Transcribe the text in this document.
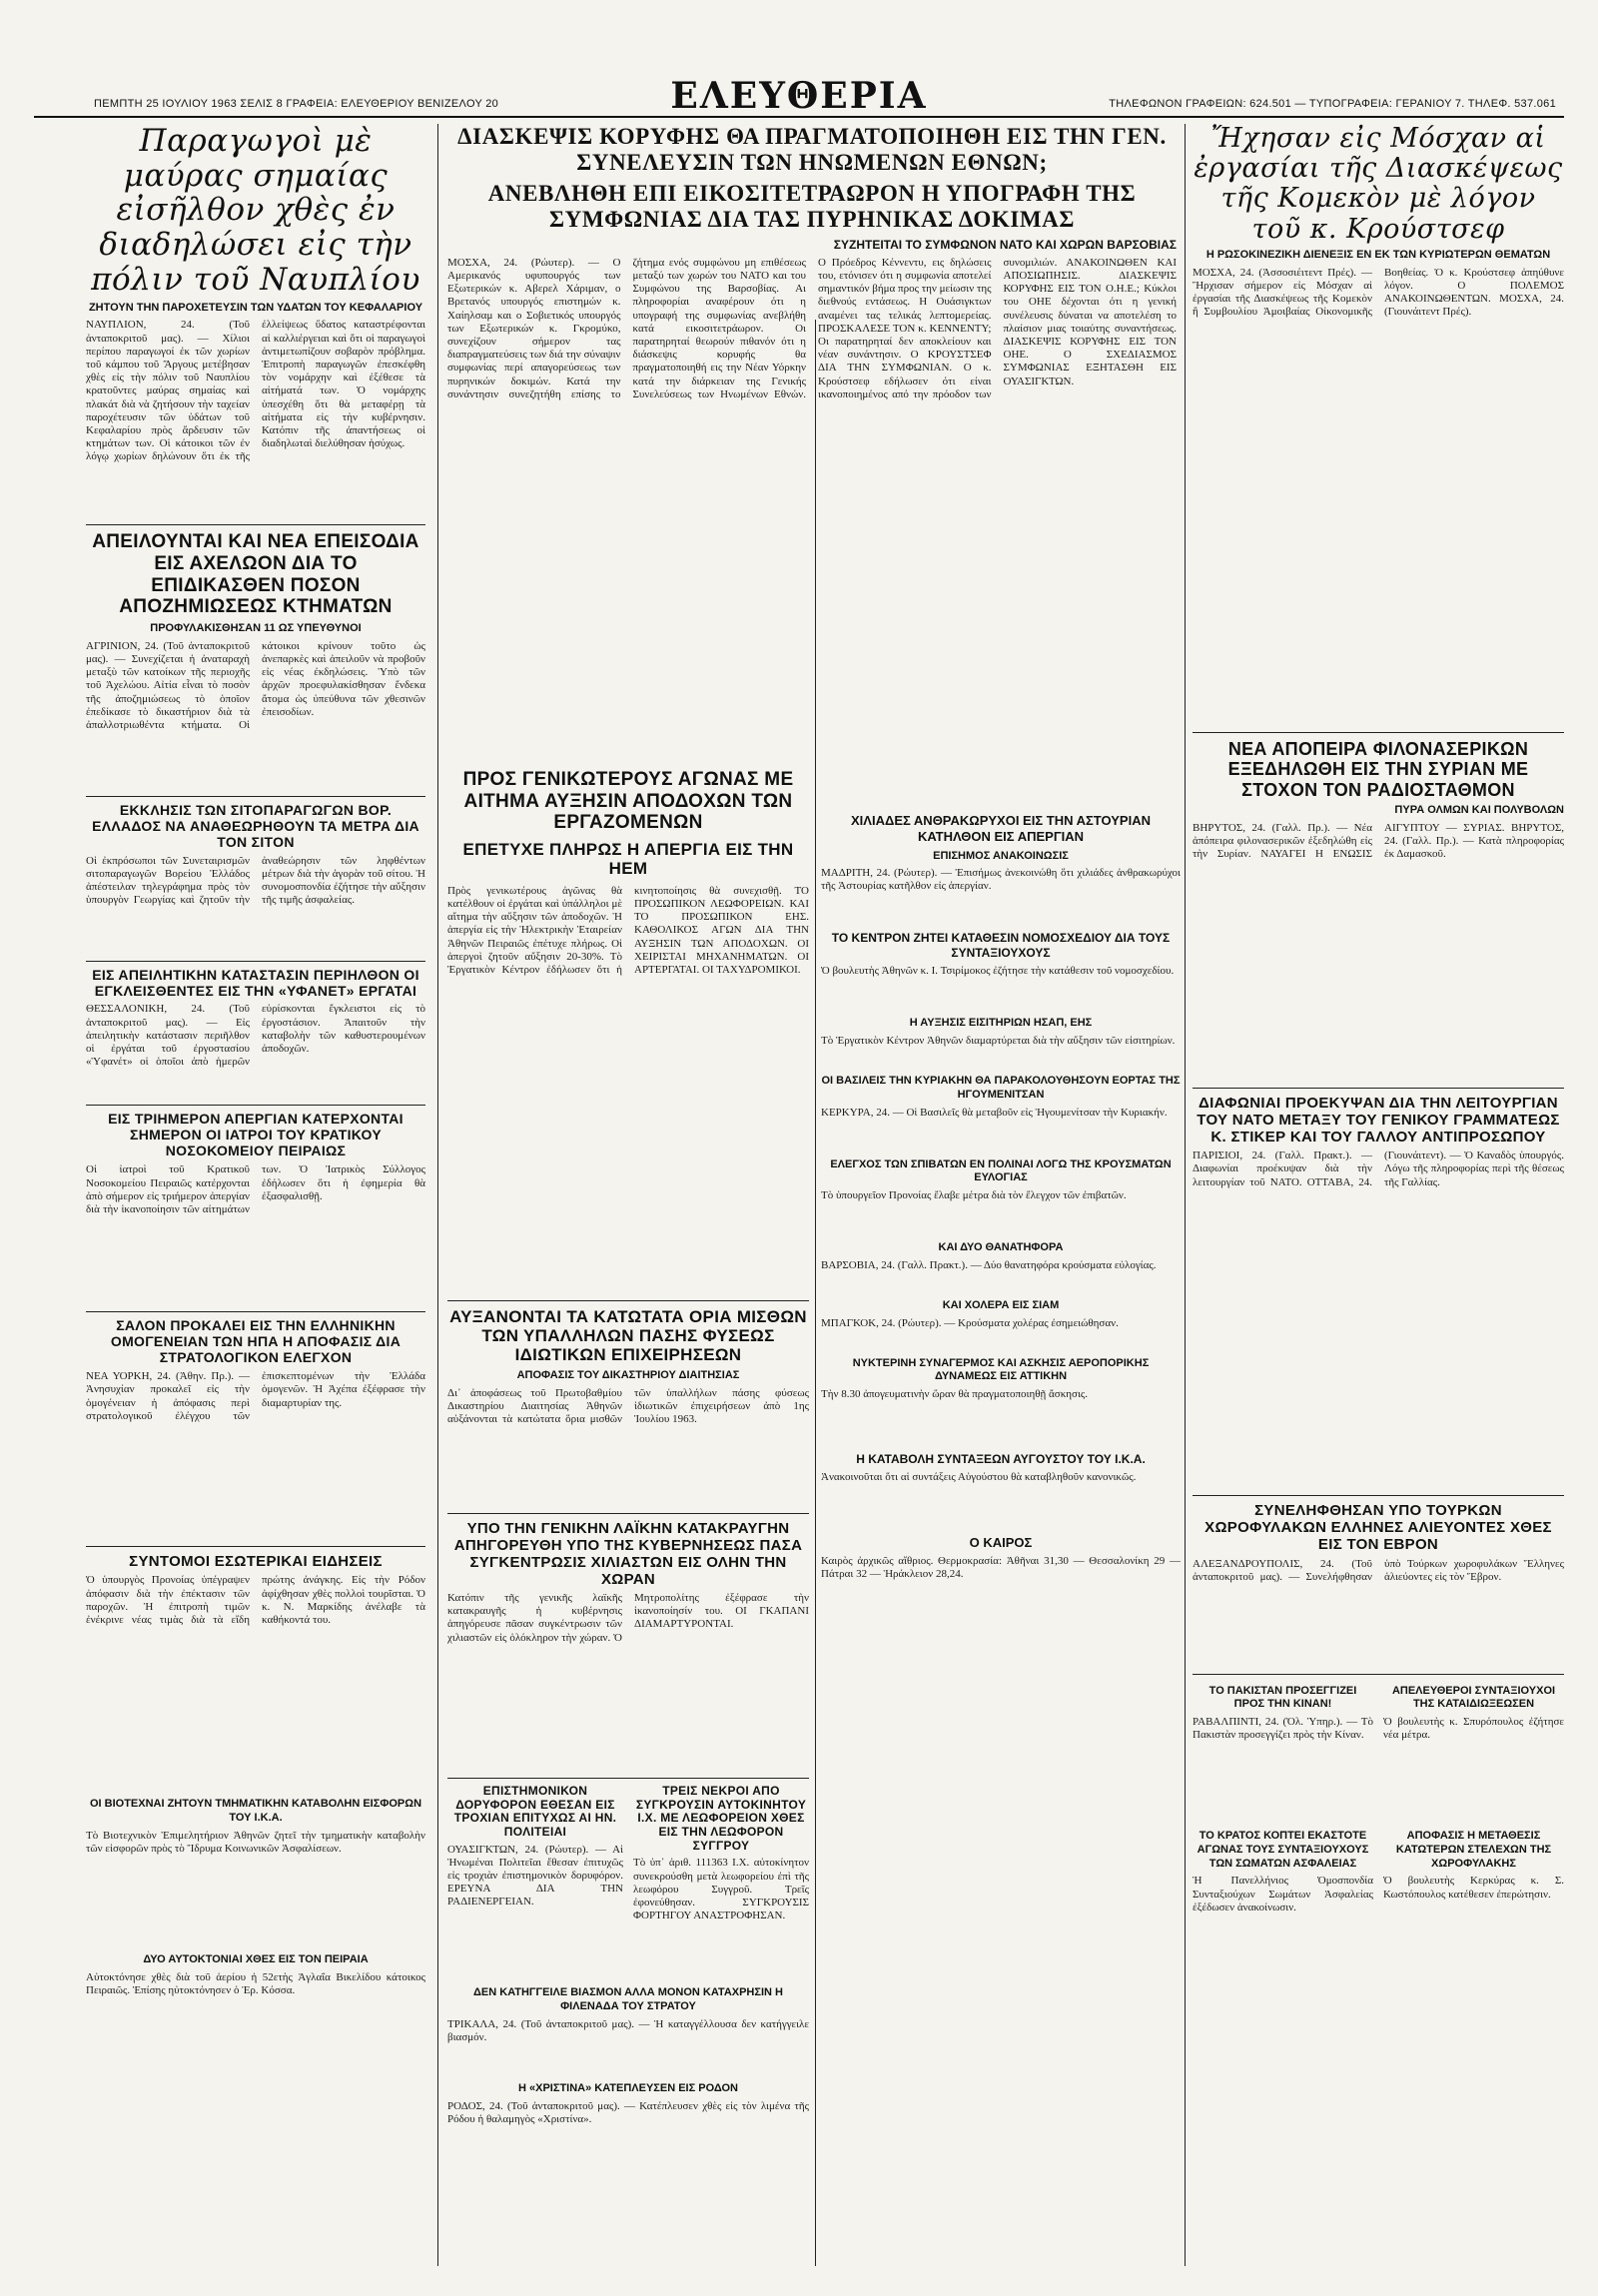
ΠΕΜΠΤΗ 25 ΙΟΥΛΙΟΥ 1963 ΣΕΛΙΣ 8 ΓΡΑΦΕΙΑ: ΕΛΕΥΘΕΡΙΟΥ ΒΕΝΙΖΕΛΟΥ 20	ΕΛΕΥΘΕΡΙΑ	ΤΗΛΕΦΩΝΟΝ ΓΡΑΦΕΙΩΝ: 624.501 — ΤΥΠΟΓΡΑΦΕΙΑ: ΓΕΡΑΝΙΟΥ 7. ΤΗΛΕΦ. 537.061
Παραγωγοὶ μὲ μαύρας σημαίας εἰσῆλθον χθὲς ἐν διαδηλώσει εἰς τὴν πόλιν τοῦ Ναυπλίου
ΖΗΤΟΥΝ ΤΗΝ ΠΑΡΟΧΕΤΕΥΣΙΝ ΤΩΝ ΥΔΑΤΩΝ ΤΟΥ ΚΕΦΑΛΑΡΙΟΥ
ΝΑΥΠΛΙΟΝ, 24. (Τοῦ ἀνταποκριτοῦ μας). — Χίλιοι περίπου παραγωγοί ἐκ τῶν χωρίων τοῦ κάμπου τοῦ Ἄργους μετέβησαν χθὲς εἰς τὴν πόλιν τοῦ Ναυπλίου κρατοῦντες μαύρας σημαίας καὶ πλακάτ διὰ νὰ ζητήσουν τὴν ταχείαν παροχέτευσιν τῶν ὑδάτων τοῦ Κεφαλαρίου πρὸς ἄρδευσιν τῶν κτημάτων των. Οἱ κάτοικοι τῶν ἐν λόγῳ χωρίων δηλώνουν ὅτι ἐκ τῆς ἐλλείψεως ὕδατος καταστρέφονται αἱ καλλιέργειαι καὶ ὅτι οἱ παραγωγοὶ ἀντιμετωπίζουν σοβαρὸν πρόβλημα. Ἐπιτροπὴ παραγωγῶν ἐπεσκέφθη τὸν νομάρχην καὶ ἐξέθεσε τὰ αἰτήματά των. Ὁ νομάρχης ὑπεσχέθη ὅτι θὰ μεταφέρῃ τὰ αἰτήματα εἰς τὴν κυβέρνησιν. Κατόπιν τῆς ἀπαντήσεως οἱ διαδηλωταὶ διελύθησαν ἡσύχως.
ΑΠΕΙΛΟΥΝΤΑΙ ΚΑΙ ΝΕΑ ΕΠΕΙΣΟΔΙΑ ΕΙΣ ΑΧΕΛΩΟΝ ΔΙΑ ΤΟ ΕΠΙΔΙΚΑΣΘΕΝ ΠΟΣΟΝ ΑΠΟΖΗΜΙΩΣΕΩΣ ΚΤΗΜΑΤΩΝ
ΠΡΟΦΥΛΑΚΙΣΘΗΣΑΝ 11 ΩΣ ΥΠΕΥΘΥΝΟΙ
ΑΓΡΙΝΙΟΝ, 24. (Τοῦ ἀνταποκριτοῦ μας). — Συνεχίζεται ἡ ἀναταραχὴ μεταξὺ τῶν κατοίκων τῆς περιοχῆς τοῦ Ἀχελώου. Αἰτία εἶναι τὸ ποσὸν τῆς ἀποζημιώσεως τὸ ὁποῖον ἐπεδίκασε τὸ δικαστήριον διὰ τὰ ἀπαλλοτριωθέντα κτήματα. Οἱ κάτοικοι κρίνουν τοῦτο ὡς ἀνεπαρκὲς καὶ ἀπειλοῦν νὰ προβοῦν εἰς νέας ἐκδηλώσεις. Ὑπὸ τῶν ἀρχῶν προεφυλακίσθησαν ἕνδεκα ἄτομα ὡς ὑπεύθυνα τῶν χθεσινῶν ἐπεισοδίων.
ΕΚΚΛΗΣΙΣ ΤΩΝ ΣΙΤΟΠΑΡΑΓΩΓΩΝ ΒΟΡ. ΕΛΛΑΔΟΣ ΝΑ ΑΝΑΘΕΩΡΗΘΟΥΝ ΤΑ ΜΕΤΡΑ ΔΙΑ ΤΟΝ ΣΙΤΟΝ
Οἱ ἐκπρόσωποι τῶν Συνεταιρισμῶν σιτοπαραγωγῶν Βορείου Ἑλλάδος ἀπέστειλαν τηλεγράφημα πρὸς τὸν ὑπουργὸν Γεωργίας καὶ ζητοῦν τὴν ἀναθεώρησιν τῶν ληφθέντων μέτρων διὰ τὴν ἀγορὰν τοῦ σίτου. Ἡ συνομοσπονδία ἐζήτησε τὴν αὔξησιν τῆς τιμῆς ἀσφαλείας.
ΕΙΣ ΑΠΕΙΛΗΤΙΚΗΝ ΚΑΤΑΣΤΑΣΙΝ ΠΕΡΙΗΛΘΟΝ ΟΙ ΕΓΚΛΕΙΣΘΕΝΤΕΣ ΕΙΣ ΤΗΝ «ΥΦΑΝΕΤ» ΕΡΓΑΤΑΙ
ΘΕΣΣΑΛΟΝΙΚΗ, 24. (Τοῦ ἀνταποκριτοῦ μας). — Εἰς ἀπειλητικὴν κατάστασιν περιῆλθον οἱ ἐργάται τοῦ ἐργοστασίου «Ὑφανέτ» οἱ ὁποῖοι ἀπὸ ἡμερῶν εὑρίσκονται ἔγκλειστοι εἰς τὸ ἐργοστάσιον. Ἀπαιτοῦν τὴν καταβολὴν τῶν καθυστερουμένων ἀποδοχῶν.
ΕΙΣ ΤΡΙΗΜΕΡΟΝ ΑΠΕΡΓΙΑΝ ΚΑΤΕΡΧΟΝΤΑΙ ΣΗΜΕΡΟΝ ΟΙ ΙΑΤΡΟΙ ΤΟΥ ΚΡΑΤΙΚΟΥ ΝΟΣΟΚΟΜΕΙΟΥ ΠΕΙΡΑΙΩΣ
Οἱ ἰατροὶ τοῦ Κρατικοῦ Νοσοκομείου Πειραιῶς κατέρχονται ἀπὸ σήμερον εἰς τριήμερον ἀπεργίαν διὰ τὴν ἱκανοποίησιν τῶν αἰτημάτων των. Ὁ Ἰατρικὸς Σύλλογος ἐδήλωσεν ὅτι ἡ ἐφημερία θὰ ἐξασφαλισθῇ.
ΣΑΛΟΝ ΠΡΟΚΑΛΕΙ ΕΙΣ ΤΗΝ ΕΛΛΗΝΙΚΗΝ ΟΜΟΓΕΝΕΙΑΝ ΤΩΝ ΗΠΑ Η ΑΠΟΦΑΣΙΣ ΔΙΑ ΣΤΡΑΤΟΛΟΓΙΚΟΝ ΕΛΕΓΧΟΝ
ΝΕΑ ΥΟΡΚΗ, 24. (Ἀθην. Πρ.). — Ἀνησυχίαν προκαλεῖ εἰς τὴν ὁμογένειαν ἡ ἀπόφασις περὶ στρατολογικοῦ ἐλέγχου τῶν ἐπισκεπτομένων τὴν Ἑλλάδα ὁμογενῶν. Ἡ Ἀχέπα ἐξέφρασε τὴν διαμαρτυρίαν της.
ΣΥΝΤΟΜΟΙ ΕΣΩΤΕΡΙΚΑΙ ΕΙΔΗΣΕΙΣ
Ὁ ὑπουργὸς Προνοίας ὑπέγραψεν ἀπόφασιν διὰ τὴν ἐπέκτασιν τῶν παροχῶν. Ἡ ἐπιτροπὴ τιμῶν ἐνέκρινε νέας τιμὰς διὰ τὰ εἴδη πρώτης ἀνάγκης. Εἰς τὴν Ρόδον ἀφίχθησαν χθὲς πολλοὶ τουρῖσται. Ὁ κ. Ν. Μαρκίδης ἀνέλαβε τὰ καθήκοντά του.
ΟΙ ΒΙΟΤΕΧΝΑΙ ΖΗΤΟΥΝ ΤΜΗΜΑΤΙΚΗΝ ΚΑΤΑΒΟΛΗΝ ΕΙΣΦΟΡΩΝ ΤΟΥ Ι.Κ.Α.
Τὸ Βιοτεχνικὸν Ἐπιμελητήριον Ἀθηνῶν ζητεῖ τὴν τμηματικὴν καταβολὴν τῶν εἰσφορῶν πρὸς τὸ Ἵδρυμα Κοινωνικῶν Ἀσφαλίσεων.
ΔΥΟ ΑΥΤΟΚΤΟΝΙΑΙ ΧΘΕΣ ΕΙΣ ΤΟΝ ΠΕΙΡΑΙΑ
Αὐτοκτόνησε χθὲς διὰ τοῦ ἀερίου ἡ 52ετὴς Ἀγλαΐα Βικελίδου κάτοικος Πειραιῶς. Ἐπίσης ηὐτοκτόνησεν ὁ Ἐρ. Κόσσα.
ΔΙΑΣΚΕΨΙΣ ΚΟΡΥΦΗΣ ΘΑ ΠΡΑΓΜΑΤΟΠΟΙΗΘΗ ΕΙΣ ΤΗΝ ΓΕΝ. ΣΥΝΕΛΕΥΣΙΝ ΤΩΝ ΗΝΩΜΕΝΩΝ ΕΘΝΩΝ;
ΑΝΕΒΛΗΘΗ ΕΠΙ ΕΙΚΟΣΙΤΕΤΡΑΩΡΟΝ Η ΥΠΟΓΡΑΦΗ ΤΗΣ ΣΥΜΦΩΝΙΑΣ ΔΙΑ ΤΑΣ ΠΥΡΗΝΙΚΑΣ ΔΟΚΙΜΑΣ
ΣΥΖΗΤΕΙΤΑΙ ΤΟ ΣΥΜΦΩΝΟΝ ΝΑΤΟ ΚΑΙ ΧΩΡΩΝ ΒΑΡΣΟΒΙΑΣ
ΜΟΣΧΑ, 24. (Ρώυτερ). — Ο Αμερικανός υφυπουργός των Εξωτερικών κ. Αβερελ Χάριμαν, ο Βρετανός υπουργός επιστημών κ. Χαίηλσαμ και ο Σοβιετικός υπουργός των Εξωτερικών κ. Γκρομύκο, συνεχίζουν σήμερον τας διαπραγματεύσεις των διά την σύναψιν συμφωνίας περί απαγορεύσεως των πυρηνικών δοκιμών. Κατά την συνάντησιν συνεζητήθη επίσης το ζήτημα ενός συμφώνου μη επιθέσεως μεταξύ των χωρών του ΝΑΤΟ και του Συμφώνου της Βαρσοβίας. Αι πληροφορίαι αναφέρουν ότι η υπογραφή της συμφωνίας ανεβλήθη κατά εικοσιτετράωρον. Οι παρατηρηταί θεωρούν πιθανόν ότι η διάσκεψις κορυφής θα πραγματοποιηθή εις την Νέαν Υόρκην κατά την διάρκειαν της Γενικής Συνελεύσεως των Ηνωμένων Εθνών. Ο Πρόεδρος Κέννεντυ, εις δηλώσεις του, ετόνισεν ότι η συμφωνία αποτελεί σημαντικόν βήμα προς την μείωσιν της διεθνούς εντάσεως. Η Ουάσιγκτων αναμένει τας τελικάς λεπτομερείας. ΠΡΟΣΚΑΛΕΣΕ ΤΟΝ κ. ΚΕΝΝΕΝΤΥ; Οι παρατηρηταί δεν αποκλείουν και νέαν συνάντησιν. Ο ΚΡΟΥΣΤΣΕΦ ΔΙΑ ΤΗΝ ΣΥΜΦΩΝΙΑΝ. Ο κ. Κρούστσεφ εδήλωσεν ότι είναι ικανοποιημένος από την πρόοδον των συνομιλιών. ΑΝΑΚΟΙΝΩΘΕΝ ΚΑΙ ΑΠΟΣΙΩΠΗΣΙΣ. ΔΙΑΣΚΕΨΙΣ ΚΟΡΥΦΗΣ ΕΙΣ ΤΟΝ Ο.Η.Ε.; Κύκλοι του ΟΗΕ δέχονται ότι η γενική συνέλευσις δύναται να αποτελέση το πλαίσιον μιας τοιαύτης συναντήσεως. ΔΙΑΣΚΕΨΙΣ ΚΟΡΥΦΗΣ ΕΙΣ ΤΟΝ ΟΗΕ. Ο ΣΧΕΔΙΑΣΜΟΣ ΣΥΜΦΩΝΙΑΣ ΕΞΗΤΑΣΘΗ ΕΙΣ ΟΥΑΣΙΓΚΤΩΝ.
ΠΡΟΣ ΓΕΝΙΚΩΤΕΡΟΥΣ ΑΓΩΝΑΣ ΜΕ ΑΙΤΗΜΑ ΑΥΞΗΣΙΝ ΑΠΟΔΟΧΩΝ ΤΩΝ ΕΡΓΑΖΟΜΕΝΩΝ
ΕΠΕΤΥΧΕ ΠΛΗΡΩΣ Η ΑΠΕΡΓΙΑ ΕΙΣ ΤΗΝ ΗΕΜ
Πρὸς γενικωτέρους ἀγῶνας θὰ κατέλθουν οἱ ἐργάται καὶ ὑπάλληλοι μὲ αἴτημα τὴν αὔξησιν τῶν ἀποδοχῶν. Ἡ ἀπεργία εἰς τὴν Ἡλεκτρικὴν Ἑταιρείαν Ἀθηνῶν Πειραιῶς ἐπέτυχε πλήρως. Οἱ ἀπεργοὶ ζητοῦν αὔξησιν 20-30%. Τὸ Ἐργατικὸν Κέντρον ἐδήλωσεν ὅτι ἡ κινητοποίησις θὰ συνεχισθῇ. ΤΟ ΠΡΟΣΩΠΙΚΟΝ ΛΕΩΦΟΡΕΙΩΝ. ΚΑΙ ΤΟ ΠΡΟΣΩΠΙΚΟΝ ΕΗΣ. ΚΑΘΟΛΙΚΟΣ ΑΓΩΝ ΔΙΑ ΤΗΝ ΑΥΞΗΣΙΝ ΤΩΝ ΑΠΟΔΟΧΩΝ. ΟΙ ΧΕΙΡΙΣΤΑΙ ΜΗΧΑΝΗΜΑΤΩΝ. ΟΙ ΑΡΤΕΡΓΑΤΑΙ. ΟΙ ΤΑΧΥΔΡΟΜΙΚΟΙ.
ΑΥΞΑΝΟΝΤΑΙ ΤΑ ΚΑΤΩΤΑΤΑ ΟΡΙΑ ΜΙΣΘΩΝ ΤΩΝ ΥΠΑΛΛΗΛΩΝ ΠΑΣΗΣ ΦΥΣΕΩΣ ΙΔΙΩΤΙΚΩΝ ΕΠΙΧΕΙΡΗΣΕΩΝ
ΑΠΟΦΑΣΙΣ ΤΟΥ ΔΙΚΑΣΤΗΡΙΟΥ ΔΙΑΙΤΗΣΙΑΣ
Δι᾿ ἀποφάσεως τοῦ Πρωτοβαθμίου Δικαστηρίου Διαιτησίας Ἀθηνῶν αὐξάνονται τὰ κατώτατα ὅρια μισθῶν τῶν ὑπαλλήλων πάσης φύσεως ἰδιωτικῶν ἐπιχειρήσεων ἀπὸ 1ης Ἰουλίου 1963.
ΥΠΟ ΤΗΝ ΓΕΝΙΚΗΝ ΛΑΪΚΗΝ ΚΑΤΑΚΡΑΥΓΗΝ ΑΠΗΓΟΡΕΥΘΗ ΥΠΟ ΤΗΣ ΚΥΒΕΡΝΗΣΕΩΣ ΠΑΣΑ ΣΥΓΚΕΝΤΡΩΣΙΣ ΧΙΛΙΑΣΤΩΝ ΕΙΣ ΟΛΗΝ ΤΗΝ ΧΩΡΑΝ
Κατόπιν τῆς γενικῆς λαϊκῆς κατακραυγῆς ἡ κυβέρνησις ἀπηγόρευσε πᾶσαν συγκέντρωσιν τῶν χιλιαστῶν εἰς ὁλόκληρον τὴν χώραν. Ὁ Μητροπολίτης ἐξέφρασε τὴν ἱκανοποίησίν του. ΟΙ ΓΚΑΠΑΝΙ ΔΙΑΜΑΡΤΥΡΟΝΤΑΙ.
ΕΠΙΣΤΗΜΟΝΙΚΟΝ ΔΟΡΥΦΟΡΟΝ ΕΘΕΣΑΝ ΕΙΣ ΤΡΟΧΙΑΝ ΕΠΙΤΥΧΩΣ ΑΙ ΗΝ. ΠΟΛΙΤΕΙΑΙ
ΟΥΑΣΙΓΚΤΩΝ, 24. (Ρώυτερ). — Αἱ Ἡνωμέναι Πολιτεῖαι ἔθεσαν ἐπιτυχῶς εἰς τροχιὰν ἐπιστημονικὸν δορυφόρον. ΕΡΕΥΝΑ ΔΙΑ ΤΗΝ ΡΑΔΙΕΝΕΡΓΕΙΑΝ.
ΤΡΕΙΣ ΝΕΚΡΟΙ ΑΠΟ ΣΥΓΚΡΟΥΣΙΝ ΑΥΤΟΚΙΝΗΤΟΥ Ι.Χ. ΜΕ ΛΕΩΦΟΡΕΙΟΝ ΧΘΕΣ ΕΙΣ ΤΗΝ ΛΕΩΦΟΡΟΝ ΣΥΓΓΡΟΥ
Τὸ ὑπ᾿ ἀριθ. 111363 Ι.Χ. αὐτοκίνητον συνεκρούσθη μετὰ λεωφορείου ἐπὶ τῆς λεωφόρου Συγγροῦ. Τρεῖς ἐφονεύθησαν. ΣΥΓΚΡΟΥΣΙΣ ΦΟΡΤΗΓΟΥ ΑΝΑΣΤΡΟΦΗΣΑΝ.
ΔΕΝ ΚΑΤΗΓΓΕΙΛΕ ΒΙΑΣΜΟΝ ΑΛΛΑ ΜΟΝΟΝ ΚΑΤΑΧΡΗΣΙΝ Η ΦΙΛΕΝΑΔΑ ΤΟΥ ΣΤΡΑΤΟΥ
ΤΡΙΚΑΛΑ, 24. (Τοῦ ἀνταποκριτοῦ μας). — Ἡ καταγγέλλουσα δεν κατήγγειλε βιασμόν.
Η «ΧΡΙΣΤΙΝΑ» ΚΑΤΕΠΛΕΥΣΕΝ ΕΙΣ ΡΟΔΟΝ
ΡΟΔΟΣ, 24. (Τοῦ ἀνταποκριτοῦ μας). — Κατέπλευσεν χθὲς εἰς τὸν λιμένα τῆς Ρόδου ἡ θαλαμηγὸς «Χριστίνα».
ΧΙΛΙΑΔΕΣ ΑΝΘΡΑΚΩΡΥΧΟΙ ΕΙΣ ΤΗΝ ΑΣΤΟΥΡΙΑΝ ΚΑΤΗΛΘΟΝ ΕΙΣ ΑΠΕΡΓΙΑΝ
ΕΠΙΣΗΜΟΣ ΑΝΑΚΟΙΝΩΣΙΣ
ΜΑΔΡΙΤΗ, 24. (Ρώυτερ). — Ἐπισήμως ἀνεκοινώθη ὅτι χιλιάδες ἀνθρακωρύχοι τῆς Ἀστουρίας κατῆλθον εἰς ἀπεργίαν.
ΤΟ ΚΕΝΤΡΟΝ ΖΗΤΕΙ ΚΑΤΑΘΕΣΙΝ ΝΟΜΟΣΧΕΔΙΟΥ ΔΙΑ ΤΟΥΣ ΣΥΝΤΑΞΙΟΥΧΟΥΣ
Ὁ βουλευτὴς Ἀθηνῶν κ. Ι. Τσιρίμοκος ἐζήτησε τὴν κατάθεσιν τοῦ νομοσχεδίου.
Η ΑΥΞΗΣΙΣ ΕΙΣΙΤΗΡΙΩΝ ΗΣΑΠ, ΕΗΣ
Τὸ Ἐργατικὸν Κέντρον Ἀθηνῶν διαμαρτύρεται διὰ τὴν αὔξησιν τῶν εἰσιτηρίων.
ΟΙ ΒΑΣΙΛΕΙΣ ΤΗΝ ΚΥΡΙΑΚΗΝ ΘΑ ΠΑΡΑΚΟΛΟΥΘΗΣΟΥΝ ΕΟΡΤΑΣ ΤΗΣ ΗΓΟΥΜΕΝΙΤΣΑΝ
ΚΕΡΚΥΡΑ, 24. — Οἱ Βασιλεῖς θὰ μεταβοῦν εἰς Ἡγουμενίτσαν τὴν Κυριακήν.
ΕΛΕΓΧΟΣ ΤΩΝ ΣΠΙΒΑΤΩΝ ΕΝ ΠΟΛΙΝΑΙ ΛΟΓΩ ΤΗΣ ΚΡΟΥΣΜΑΤΩΝ ΕΥΛΟΓΙΑΣ
Τὸ ὑπουργεῖον Προνοίας ἔλαβε μέτρα διὰ τὸν ἔλεγχον τῶν ἐπιβατῶν.
ΚΑΙ ΔΥΟ ΘΑΝΑΤΗΦΟΡΑ
ΒΑΡΣΟΒΙΑ, 24. (Γαλλ. Πρακτ.). — Δύο θανατηφόρα κρούσματα εὐλογίας.
ΚΑΙ ΧΟΛΕΡΑ ΕΙΣ ΣΙΑΜ
ΜΠΑΓΚΟΚ, 24. (Ρώυτερ). — Κρούσματα χολέρας ἐσημειώθησαν.
ΝΥΚΤΕΡΙΝΗ ΣΥΝΑΓΕΡΜΟΣ ΚΑΙ ΑΣΚΗΣΙΣ ΑΕΡΟΠΟΡΙΚΗΣ ΔΥΝΑΜΕΩΣ ΕΙΣ ΑΤΤΙΚΗΝ
Τὴν 8.30 ἀπογευματινὴν ὥραν θὰ πραγματοποιηθῇ ἄσκησις.
Η ΚΑΤΑΒΟΛΗ ΣΥΝΤΑΞΕΩΝ ΑΥΓΟΥΣΤΟΥ ΤΟΥ Ι.Κ.Α.
Ἀνακοινοῦται ὅτι αἱ συντάξεις Αὐγούστου θὰ καταβληθοῦν κανονικῶς.
Ο ΚΑΙΡΟΣ
Καιρὸς ἀρχικῶς αἴθριος. Θερμοκρασία: Ἀθῆναι 31,30 — Θεσσαλονίκη 29 — Πάτραι 32 — Ἡράκλειον 28,24.
Ἤχησαν εἰς Μόσχαν αἱ ἐργασίαι τῆς Διασκέψεως τῆς Κομεκὸν μὲ λόγον τοῦ κ. Κρούστσεφ
Η ΡΩΣΟΚΙΝΕΖΙΚΗ ΔΙΕΝΕΞΙΣ ΕΝ ΕΚ ΤΩΝ ΚΥΡΙΩΤΕΡΩΝ ΘΕΜΑΤΩΝ
ΜΟΣΧΑ, 24. (Ἀσσοσιέιτεντ Πρές). — Ἤρχισαν σήμερον εἰς Μόσχαν αἱ ἐργασίαι τῆς Διασκέψεως τῆς Κομεκὸν ἢ Συμβουλίου Ἀμοιβαίας Οἰκονομικῆς Βοηθείας. Ὁ κ. Κρούστσεφ ἀπηύθυνε λόγον. Ο ΠΟΛΕΜΟΣ ΑΝΑΚΟΙΝΩΘΕΝΤΩΝ. ΜΟΣΧΑ, 24. (Γιουνάιτεντ Πρές).
ΝΕΑ ΑΠΟΠΕΙΡΑ ΦΙΛΟΝΑΣΕΡΙΚΩΝ ΕΞΕΔΗΛΩΘΗ ΕΙΣ ΤΗΝ ΣΥΡΙΑΝ ΜΕ ΣΤΟΧΟΝ ΤΟΝ ΡΑΔΙΟΣΤΑΘΜΟΝ
ΠΥΡΑ ΟΛΜΩΝ ΚΑΙ ΠΟΛΥΒΟΛΩΝ
ΒΗΡΥΤΟΣ, 24. (Γαλλ. Πρ.). — Νέα ἀπόπειρα φιλονασερικῶν ἐξεδηλώθη εἰς τὴν Συρίαν. ΝΑΥΑΓΕΙ Η ΕΝΩΣΙΣ ΑΙΓΥΠΤΟΥ — ΣΥΡΙΑΣ. ΒΗΡΥΤΟΣ, 24. (Γαλλ. Πρ.). — Κατὰ πληροφορίας ἐκ Δαμασκοῦ.
ΔΙΑΦΩΝΙΑΙ ΠΡΟΕΚΥΨΑΝ ΔΙΑ ΤΗΝ ΛΕΙΤΟΥΡΓΙΑΝ ΤΟΥ ΝΑΤΟ ΜΕΤΑΞΥ ΤΟΥ ΓΕΝΙΚΟΥ ΓΡΑΜΜΑΤΕΩΣ Κ. ΣΤΙΚΕΡ ΚΑΙ ΤΟΥ ΓΑΛΛΟΥ ΑΝΤΙΠΡΟΣΩΠΟΥ
ΠΑΡΙΣΙΟΙ, 24. (Γαλλ. Πρακτ.). — Διαφωνίαι προέκυψαν διὰ τὴν λειτουργίαν τοῦ ΝΑΤΟ. ΟΤΤΑΒΑ, 24. (Γιουνάιτεντ). — Ὁ Καναδὸς ὑπουργός. Λόγω τῆς πληροφορίας περὶ τῆς θέσεως τῆς Γαλλίας.
ΣΥΝΕΛΗΦΘΗΣΑΝ ΥΠΟ ΤΟΥΡΚΩΝ ΧΩΡΟΦΥΛΑΚΩΝ ΕΛΛΗΝΕΣ ΑΛΙΕΥΟΝΤΕΣ ΧΘΕΣ ΕΙΣ ΤΟΝ ΕΒΡΟΝ
ΑΛΕΞΑΝΔΡΟΥΠΟΛΙΣ, 24. (Τοῦ ἀνταποκριτοῦ μας). — Συνελήφθησαν ὑπὸ Τούρκων χωροφυλάκων Ἕλληνες ἁλιεύοντες εἰς τὸν Ἕβρον.
ΤΟ ΠΑΚΙΣΤΑΝ ΠΡΟΣΕΓΓΙΖΕΙ ΠΡΟΣ ΤΗΝ ΚΙΝΑΝ!
ΡΑΒΑΛΠΙΝΤΙ, 24. (Ὁλ. Ὑπηρ.). — Τὸ Πακιστὰν προσεγγίζει πρὸς τὴν Κίναν.
ΤΟ ΚΡΑΤΟΣ ΚΟΠΤΕΙ ΕΚΑΣΤΟΤΕ ΑΓΩΝΑΣ ΤΟΥΣ ΣΥΝΤΑΞΙΟΥΧΟΥΣ ΤΩΝ ΣΩΜΑΤΩΝ ΑΣΦΑΛΕΙΑΣ
Ἡ Πανελλήνιος Ὁμοσπονδία Συνταξιούχων Σωμάτων Ἀσφαλείας ἐξέδωσεν ἀνακοίνωσιν.
ΑΠΕΛΕΥΘΕΡΟΙ ΣΥΝΤΑΞΙΟΥΧΟΙ ΤΗΣ ΚΑΤΑΙΔΙΩΞΕΩΣΕΝ
Ὁ βουλευτὴς κ. Σπυρόπουλος ἐζήτησε νέα μέτρα.
ΑΠΟΦΑΣΙΣ Η ΜΕΤΑΘΕΣΙΣ ΚΑΤΩΤΕΡΩΝ ΣΤΕΛΕΧΩΝ ΤΗΣ ΧΩΡΟΦΥΛΑΚΗΣ
Ὁ βουλευτὴς Κερκύρας κ. Σ. Κωστόπουλος κατέθεσεν ἐπερώτησιν.
